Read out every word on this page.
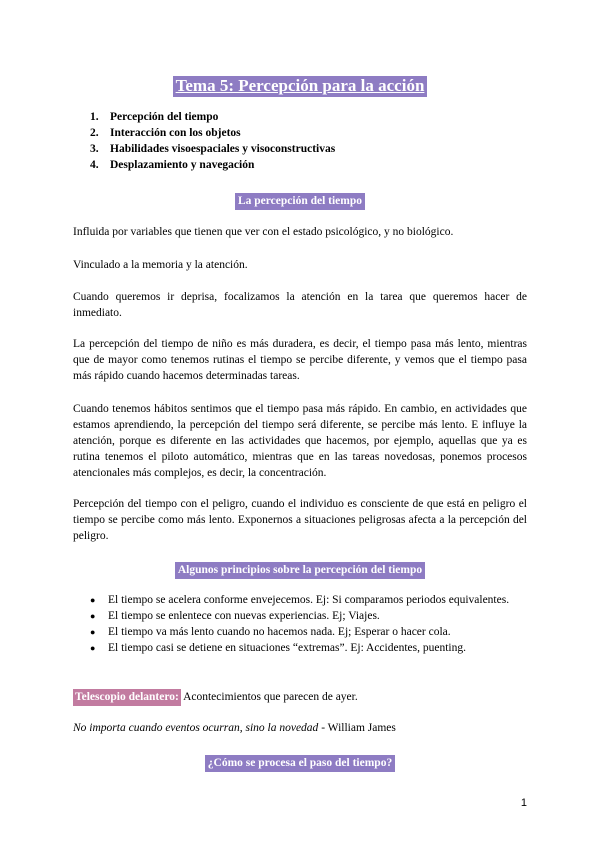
Tema 5: Percepción para la acción
1. Percepción del tiempo
2. Interacción con los objetos
3. Habilidades visoespaciales y visoconstructivas
4. Desplazamiento y navegación
La percepción del tiempo

Influida por variables que tienen que ver con el estado psicológico, y no biológico.

Vinculado a la memoria y la atención.

Cuando queremos ir deprisa, focalizamos la atención en la tarea que queremos hacer de inmediato.

La percepción del tiempo de niño es más duradera, es decir, el tiempo pasa más lento, mientras que de mayor como tenemos rutinas el tiempo se percibe diferente, y vemos que el tiempo pasa más rápido cuando hacemos determinadas tareas.

Cuando tenemos hábitos sentimos que el tiempo pasa más rápido. En cambio, en actividades que estamos aprendiendo, la percepción del tiempo será diferente, se percibe más lento. E influye la atención, porque es diferente en las actividades que hacemos, por ejemplo, aquellas que ya es rutina tenemos el piloto automático, mientras que en las tareas novedosas, ponemos procesos atencionales más complejos, es decir, la concentración.

Percepción del tiempo con el peligro, cuando el individuo es consciente de que está en peligro el tiempo se percibe como más lento. Exponernos a situaciones peligrosas afecta a la percepción del peligro.

Algunos principios sobre la percepción del tiempo
●	El tiempo se acelera conforme envejecemos. Ej: Si comparamos periodos equivalentes.
●	El tiempo se enlentece con nuevas experiencias. Ej; Viajes.
●	El tiempo va más lento cuando no hacemos nada. Ej; Esperar o hacer cola.
●	El tiempo casi se detiene en situaciones “extremas”. Ej: Accidentes, puenting.

Telescopio delantero: Acontecimientos que parecen de ayer.

No importa cuando eventos ocurran, sino la novedad - William James
¿Cómo se procesa el paso del tiempo?
1
